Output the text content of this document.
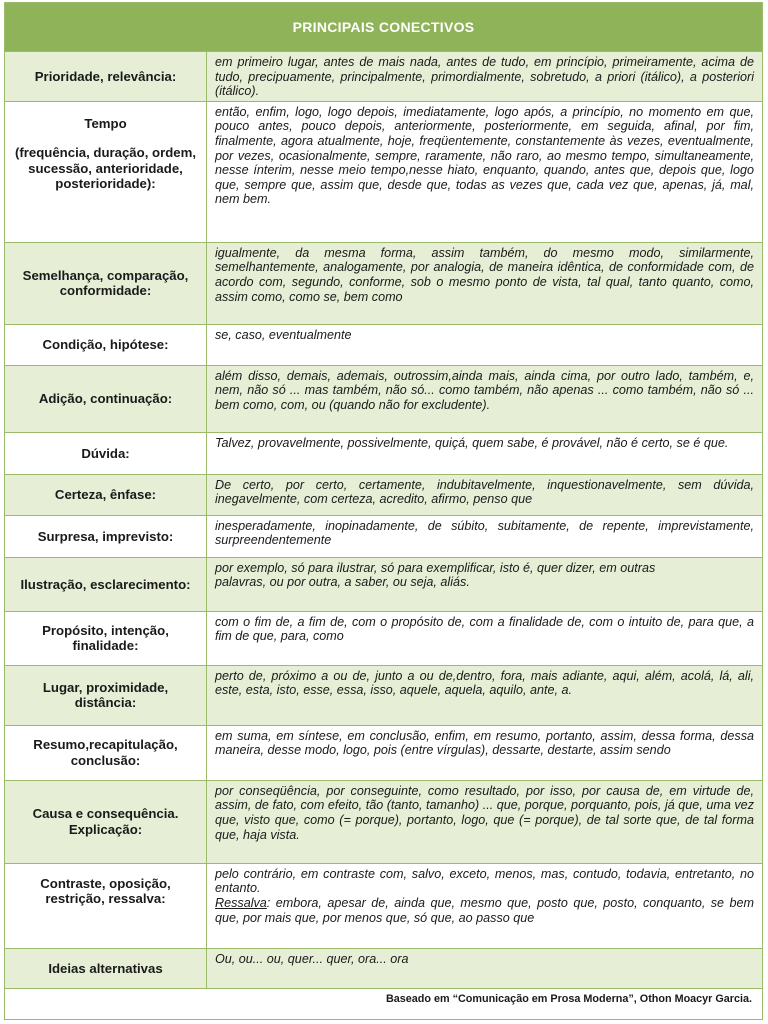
PRINCIPAIS CONECTIVOS
Prioridade, relevância:	em primeiro lugar, antes de mais nada, antes de tudo, em princípio, primeiramente, acima de tudo, precipuamente, principalmente, primordialmente, sobretudo, a priori (itálico), a posteriori (itálico).

Tempo
(frequência, duração, ordem, sucessão, anterioridade, posterioridade):	então, enfim, logo, logo depois, imediatamente, logo após, a princípio, no momento em que, pouco antes, pouco depois, anteriormente, posteriormente, em seguida, afinal, por fim, finalmente, agora atualmente, hoje, freqüentemente, constantemente às vezes, eventualmente, por vezes, ocasionalmente, sempre, raramente, não raro, ao mesmo tempo, simultaneamente, nesse ínterim, nesse meio tempo,nesse hiato, enquanto, quando, antes que, depois que, logo que, sempre que, assim que, desde que, todas as vezes que, cada vez que, apenas, já, mal, nem bem.

Semelhança, comparação, conformidade:	igualmente, da mesma forma, assim também, do mesmo modo, similarmente, semelhantemente, analogamente, por analogia, de maneira idêntica, de conformidade com, de acordo com, segundo, conforme, sob o mesmo ponto de vista, tal qual, tanto quanto, como, assim como, como se, bem como

Condição, hipótese:	se, caso, eventualmente

Adição, continuação:	além disso, demais, ademais, outrossim,ainda mais, ainda cima, por outro lado, também, e, nem, não só ... mas também, não só... como também, não apenas ... como também, não só ... bem como, com, ou (quando não for excludente).

Dúvida:	Talvez, provavelmente, possivelmente, quiçá, quem sabe, é provável, não é certo, se é que.

Certeza, ênfase:	De certo, por certo, certamente, indubitavelmente, inquestionavelmente, sem dúvida, inegavelmente, com certeza, acredito, afirmo, penso que

Surpresa, imprevisto:	inesperadamente, inopinadamente, de súbito, subitamente, de repente, imprevistamente, surpreendentemente

Ilustração, esclarecimento:	por exemplo, só para ilustrar, só para exemplificar, isto é, quer dizer, em outras
palavras, ou por outra, a saber, ou seja, aliás.

Propósito, intenção, finalidade:	com o fim de, a fim de, com o propósito de, com a finalidade de, com o intuito de, para que, a fim de que, para, como

Lugar, proximidade, distância:	perto de, próximo a ou de, junto a ou de,dentro, fora, mais adiante, aqui, além, acolá, lá, ali, este, esta, isto, esse, essa, isso, aquele, aquela, aquilo, ante, a.

Resumo,recapitulação, conclusão:	em suma, em síntese, em conclusão, enfim, em resumo, portanto, assim, dessa forma, dessa maneira, desse modo, logo, pois (entre vírgulas), dessarte, destarte, assim sendo

Causa e consequência. Explicação:	por conseqüência, por conseguinte, como resultado, por isso, por causa de, em virtude de, assim, de fato, com efeito, tão (tanto, tamanho) ... que, porque, porquanto, pois, já que, uma vez que, visto que, como (= porque), portanto, logo, que (= porque), de tal sorte que, de tal forma que, haja vista.

Contraste, oposição, restrição, ressalva:	pelo contrário, em contraste com, salvo, exceto, menos, mas, contudo, todavia, entretanto, no entanto.
Ressalva: embora, apesar de, ainda que, mesmo que, posto que, posto, conquanto, se bem que, por mais que, por menos que, só que, ao passo que

Ideias alternativas	Ou, ou... ou, quer... quer, ora... ora
Baseado em “Comunicação em Prosa Moderna”, Othon Moacyr Garcia.
